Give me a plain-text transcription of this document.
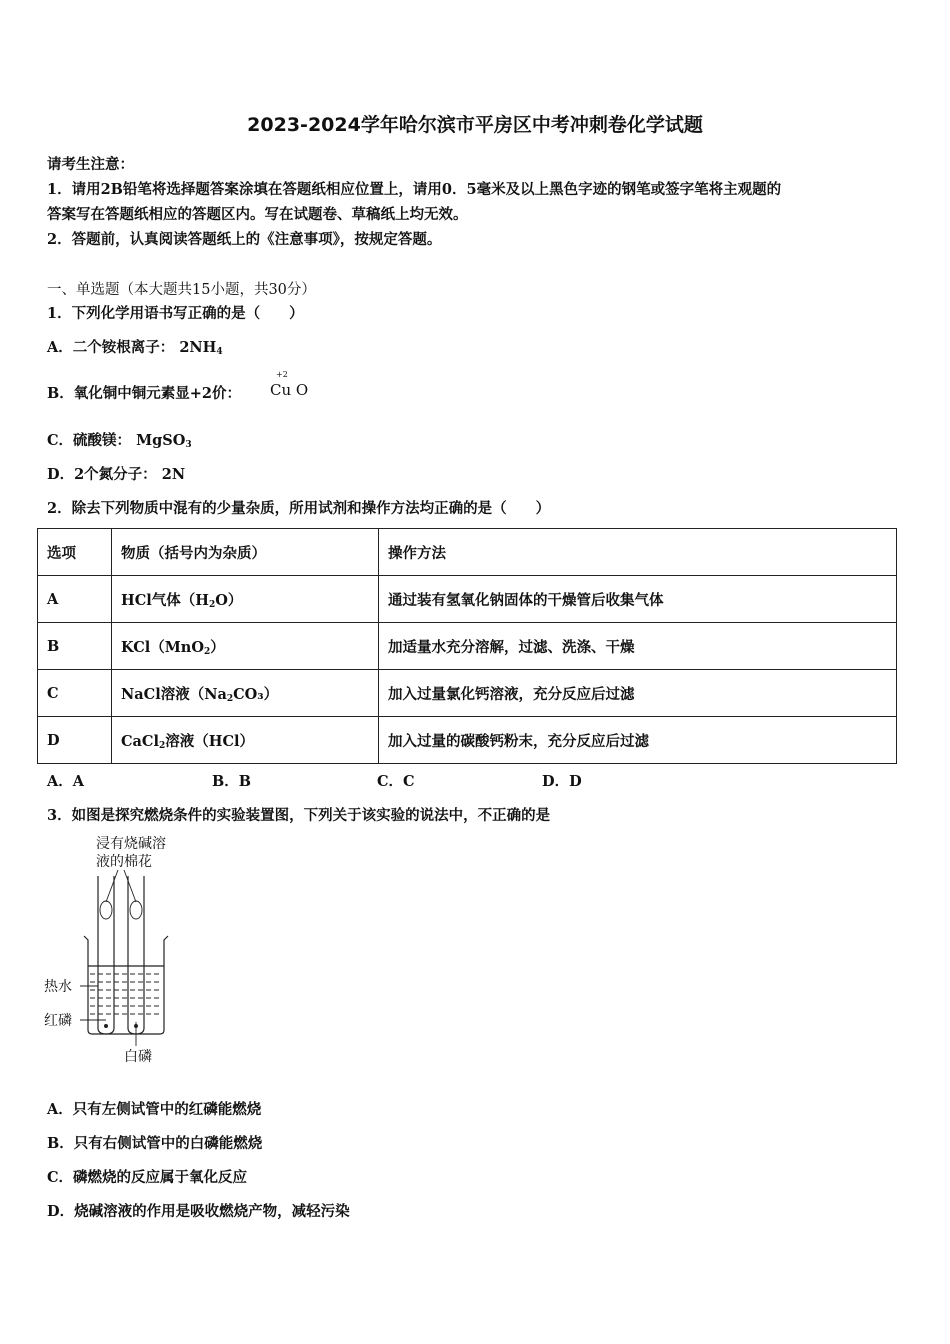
2023-2024学年哈尔滨市平房区中考冲刺卷化学试题
请考生注意：
1．请用2B铅笔将选择题答案涂填在答题纸相应位置上，请用0．5毫米及以上黑色字迹的钢笔或签字笔将主观题的
答案写在答题纸相应的答题区内。写在试题卷、草稿纸上均无效。
2．答题前，认真阅读答题纸上的《注意事项》，按规定答题。
一、单选题（本大题共15小题，共30分）
1．下列化学用语书写正确的是（　　）
A．二个铵根离子： $2NH_4$
B．氧化铜中铜元素显+2价：
+2
Cu O
C．硫酸镁： MgSO$_3$
D．2个氮分子： 2N
2．除去下列物质中混有的少量杂质，所用试剂和操作方法均正确的是（　　）
选项	物质（括号内为杂质）	操作方法
A	HCl气体$(H_2O)$	通过装有氢氧化钠固体的干燥管后收集气体
B	KCl（MnO$_2$）	加适量水充分溶解，过滤、洗涤、干燥
C	NaCl溶液$(Na_2CO_3)$	加入过量氯化钙溶液，充分反应后过滤
D	CaCl$_2$溶液（HCl）	加入过量的碳酸钙粉末，充分反应后过滤
A．A	B．B	C．C	D．D
3．如图是探究燃烧条件的实验装置图，下列关于该实验的说法中，不正确的是
浸有烧碱溶
液的棉花
热水
红磷
白磷
A．只有左侧试管中的红磷能燃烧
B．只有右侧试管中的白磷能燃烧
C．磷燃烧的反应属于氧化反应
D．烧碱溶液的作用是吸收燃烧产物，减轻污染
